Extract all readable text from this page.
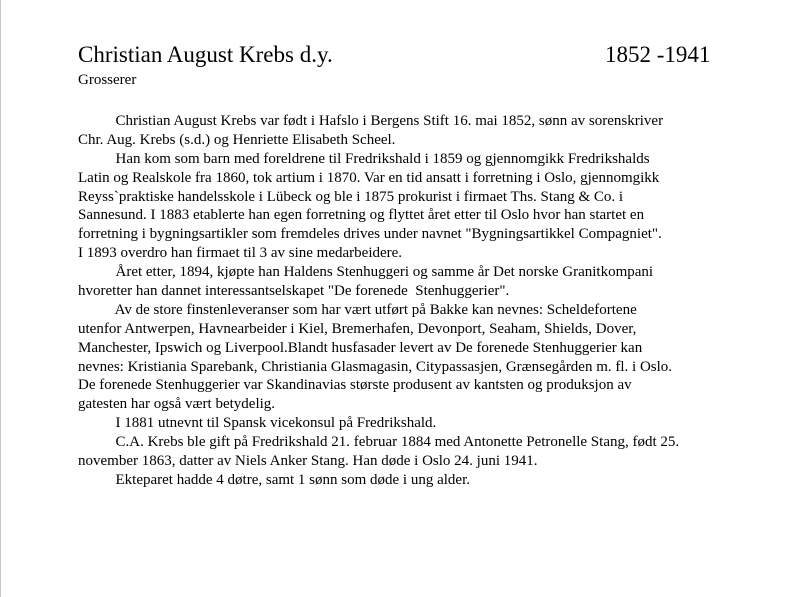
Christian August Krebs d.y.	1852 -1941
Grosserer
Christian August Krebs var født i Hafslo i Bergens Stift 16. mai 1852, sønn av sorenskriver
Chr. Aug. Krebs (s.d.) og Henriette Elisabeth Scheel.
Han kom som barn med foreldrene til Fredrikshald i 1859 og gjennomgikk Fredrikshalds
Latin og Realskole fra 1860, tok artium i 1870. Var en tid ansatt i forretning i Oslo, gjennomgikk
Reyss`praktiske handelsskole i Lübeck og ble i 1875 prokurist i firmaet Ths. Stang & Co. i
Sannesund. I 1883 etablerte han egen forretning og flyttet året etter til Oslo hvor han startet en
forretning i bygningsartikler som fremdeles drives under navnet "Bygningsartikkel Compagniet".
I 1893 overdro han firmaet til 3 av sine medarbeidere.
Året etter, 1894, kjøpte han Haldens Stenhuggeri og samme år Det norske Granitkompani
hvoretter han dannet interessantselskapet "De forenede  Stenhuggerier".
Av de store finstenleveranser som har vært utført på Bakke kan nevnes: Scheldefortene
utenfor Antwerpen, Havnearbeider i Kiel, Bremerhafen, Devonport, Seaham, Shields, Dover,
Manchester, Ipswich og Liverpool.Blandt husfasader levert av De forenede Stenhuggerier kan
nevnes: Kristiania Sparebank, Christiania Glasmagasin, Citypassasjen, Grænsegården m. fl. i Oslo.
De forenede Stenhuggerier var Skandinavias største produsent av kantsten og produksjon av
gatesten har også vært betydelig.
I 1881 utnevnt til Spansk vicekonsul på Fredrikshald.
C.A. Krebs ble gift på Fredrikshald 21. februar 1884 med Antonette Petronelle Stang, født 25.
november 1863, datter av Niels Anker Stang. Han døde i Oslo 24. juni 1941.
Ekteparet hadde 4 døtre, samt 1 sønn som døde i ung alder.
